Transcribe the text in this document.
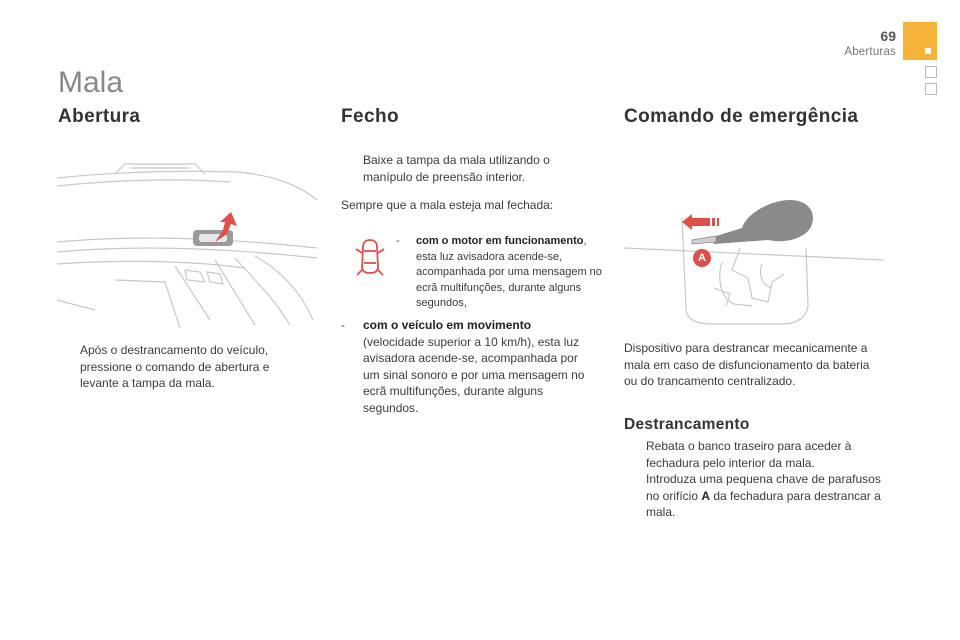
69
Aberturas
Mala
Abertura
Após o destrancamento do veículo, pressione o comando de abertura e levante a tampa da mala.
Fecho
Baixe a tampa da mala utilizando o manípulo de preensão interior.
Sempre que a mala esteja mal fechada:
- com o motor em funcionamento, esta luz avisadora acende-se, acompanhada por uma mensagem no ecrã multifunções, durante alguns segundos,
- com o veículo em movimento (velocidade superior a 10 km/h), esta luz avisadora acende-se, acompanhada por um sinal sonoro e por uma mensagem no ecrã multifunções, durante alguns segundos.
Comando de emergência
A
Dispositivo para destrancar mecanicamente a mala em caso de disfuncionamento da bateria ou do trancamento centralizado.
Destrancamento
Rebata o banco traseiro para aceder à fechadura pelo interior da mala.
Introduza uma pequena chave de parafusos no orifício A da fechadura para destrancar a mala.
